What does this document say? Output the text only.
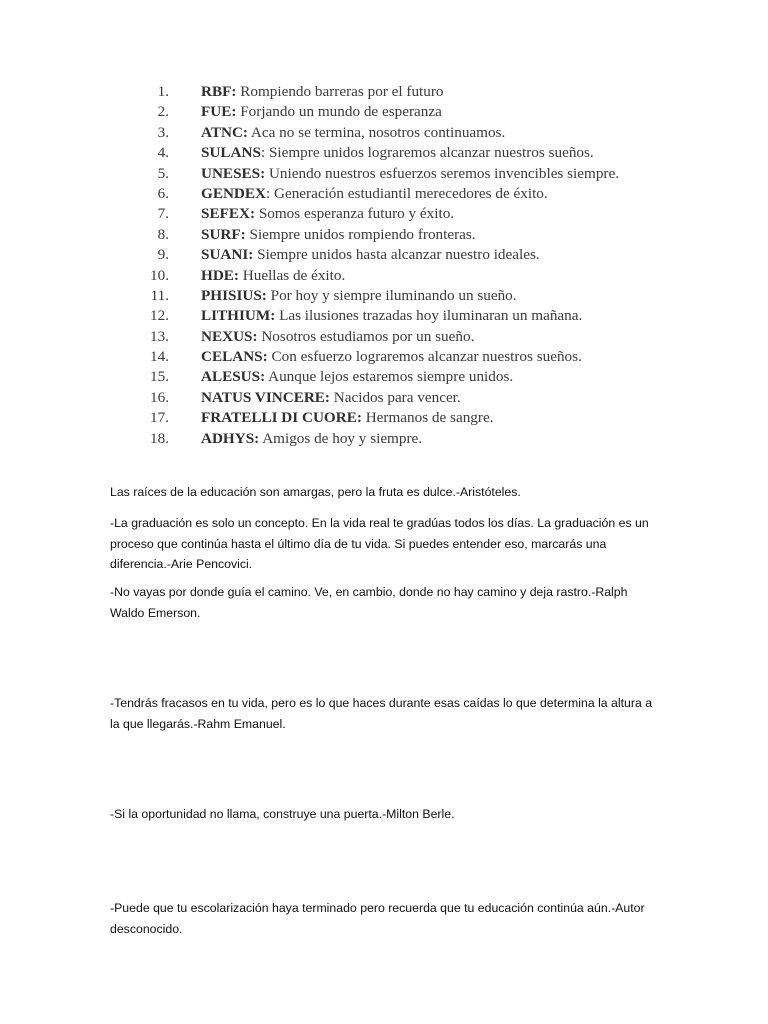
1. RBF: Rompiendo barreras por el futuro
2. FUE: Forjando un mundo de esperanza
3. ATNC: Aca no se termina, nosotros continuamos.
4. SULANS: Siempre unidos lograremos alcanzar nuestros sueños.
5. UNESES: Uniendo nuestros esfuerzos seremos invencibles siempre.
6. GENDEX: Generación estudiantil merecedores de éxito.
7. SEFEX: Somos esperanza futuro y éxito.
8. SURF: Siempre unidos rompiendo fronteras.
9. SUANI: Siempre unidos hasta alcanzar nuestro ideales.
10. HDE: Huellas de éxito.
11. PHISIUS: Por hoy y siempre iluminando un sueño.
12. LITHIUM: Las ilusiones trazadas hoy iluminaran un mañana.
13. NEXUS: Nosotros estudiamos por un sueño.
14. CELANS: Con esfuerzo lograremos alcanzar nuestros sueños.
15. ALESUS: Aunque lejos estaremos siempre unidos.
16. NATUS VINCERE: Nacidos para vencer.
17. FRATELLI DI CUORE: Hermanos de sangre.
18. ADHYS: Amigos de hoy y siempre.

Las raíces de la educación son amargas, pero la fruta es dulce.-Aristóteles.

-La graduación es solo un concepto. En la vida real te gradúas todos los días. La graduación es un proceso que continúa hasta el último día de tu vida. Si puedes entender eso, marcarás una diferencia.-Arie Pencovici.

-No vayas por donde guía el camino. Ve, en cambio, donde no hay camino y deja rastro.-Ralph Waldo Emerson.

-Tendrás fracasos en tu vida, pero es lo que haces durante esas caídas lo que determina la altura a la que llegarás.-Rahm Emanuel.

-Si la oportunidad no llama, construye una puerta.-Milton Berle.

-Puede que tu escolarización haya terminado pero recuerda que tu educación continúa aún.-Autor desconocido.
